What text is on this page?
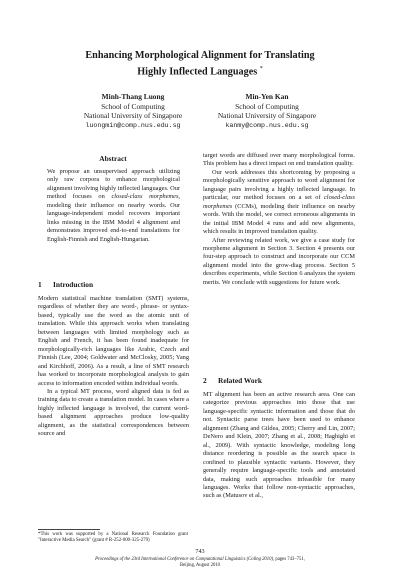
Enhancing Morphological Alignment for Translating
Highly Inflected Languages *
Minh-Thang Luong
School of Computing
National University of Singapore
luongmin@comp.nus.edu.sg
Min-Yen Kan
School of Computing
National University of Singapore
kanmy@comp.nus.edu.sg
Abstract

We propose an unsupervised approach utilizing only raw corpora to enhance morphological alignment involving highly inflected languages. Our method focuses on closed-class morphemes, modeling their influence on nearby words. Our language-independent model recovers important links missing in the IBM Model 4 alignment and demonstrates improved end-to-end translations for English-Finnish and English-Hungarian.

1 Introduction

Modern statistical machine translation (SMT) systems, regardless of whether they are word-, phrase- or syntax-based, typically use the word as the atomic unit of translation. While this approach works when translating between languages with limited morphology such as English and French, it has been found inadequate for morphologically-rich languages like Arabic, Czech and Finnish (Lee, 2004; Goldwater and McClosky, 2005; Yang and Kirchhoff, 2006). As a result, a line of SMT research has worked to incorporate morphological analysis to gain access to information encoded within individual words.

In a typical MT process, word aligned data is fed as training data to create a translation model. In cases where a highly inflected language is involved, the current word-based alignment approaches produce low-quality alignment, as the statistical correspondences between source and

*This work was supported by a National Research Foundation grant "Interactive Media Search" (grant # R-252-000-325-279)

target words are diffused over many morphological forms. This problem has a direct impact on end translation quality.

Our work addresses this shortcoming by proposing a morphologically sensitive approach to word alignment for language pairs involving a highly inflected language. In particular, our method focuses on a set of closed-class morphemes (CCMs), modeling their influence on nearby words. With the model, we correct erroneous alignments in the initial IBM Model 4 runs and add new alignments, which results in improved translation quality.

After reviewing related work, we give a case study for morpheme alignment in Section 3. Section 4 presents our four-step approach to construct and incorporate our CCM alignment model into the grow-diag process. Section 5 describes experiments, while Section 6 analyzes the system merits. We conclude with suggestions for future work.

2 Related Work

MT alignment has been an active research area. One can categorize previous approaches into those that use language-specific syntactic information and those that do not. Syntactic parse trees have been used to enhance alignment (Zhang and Gildea, 2005; Cherry and Lin, 2007; DeNero and Klein, 2007; Zhang et al., 2008; Haghighi et al., 2009). With syntactic knowledge, modeling long distance reordering is possible as the search space is confined to plausible syntactic variants. However, they generally require language-specific tools and annotated data, making such approaches infeasible for many languages. Works that follow non-syntactic approaches, such as (Matusov et al.,

743
Proceedings of the 23rd International Conference on Computational Linguistics (Coling 2010), pages 743–751,
Beijing, August 2010
